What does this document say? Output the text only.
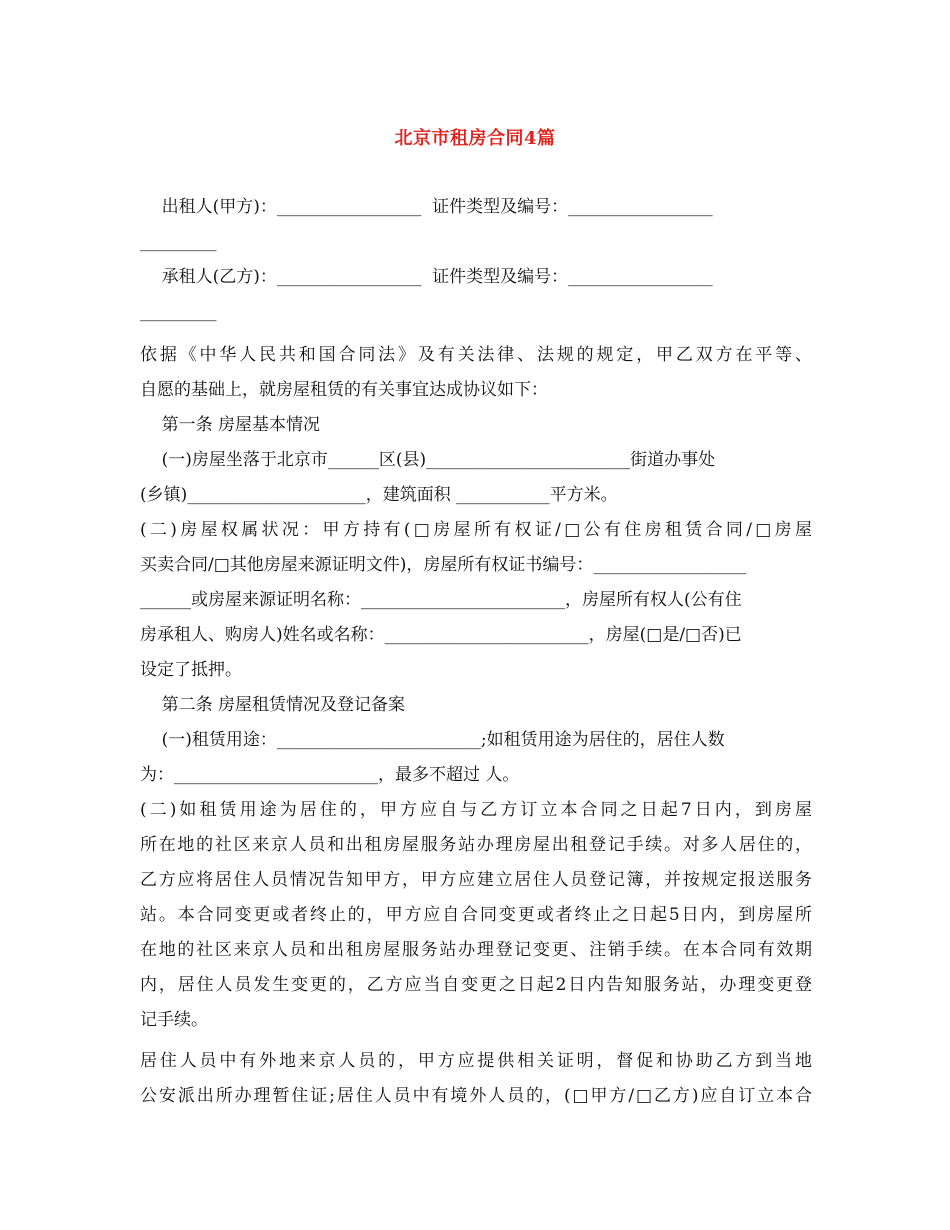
北京市租房合同4篇
出租人(甲方)：_________________  证件类型及编号：_________________
_________
承租人(乙方)：_________________  证件类型及编号：_________________
_________
依据《中华人民共和国合同法》及有关法律、法规的规定，甲乙双方在平等、
自愿的基础上，就房屋租赁的有关事宜达成协议如下：
第一条 房屋基本情况
(一)房屋坐落于北京市______区(县)________________________街道办事处
(乡镇)_____________________，建筑面积 ___________平方米。
(二)房屋权属状况：甲方持有(□房屋所有权证/□公有住房租赁合同/□房屋
买卖合同/□其他房屋来源证明文件)，房屋所有权证书编号：__________________
______或房屋来源证明名称：________________________，房屋所有权人(公有住
房承租人、购房人)姓名或名称：________________________，房屋(□是/□否)已
设定了抵押。
第二条 房屋租赁情况及登记备案
(一)租赁用途：________________________;如租赁用途为居住的，居住人数
为：________________________，最多不超过 人。
(二)如租赁用途为居住的，甲方应自与乙方订立本合同之日起7日内，到房屋
所在地的社区来京人员和出租房屋服务站办理房屋出租登记手续。对多人居住的，
乙方应将居住人员情况告知甲方，甲方应建立居住人员登记簿，并按规定报送服务
站。本合同变更或者终止的，甲方应自合同变更或者终止之日起5日内，到房屋所
在地的社区来京人员和出租房屋服务站办理登记变更、注销手续。在本合同有效期
内，居住人员发生变更的，乙方应当自变更之日起2日内告知服务站，办理变更登
记手续。
居住人员中有外地来京人员的，甲方应提供相关证明，督促和协助乙方到当地
公安派出所办理暂住证;居住人员中有境外人员的，(□甲方/□乙方)应自订立本合
